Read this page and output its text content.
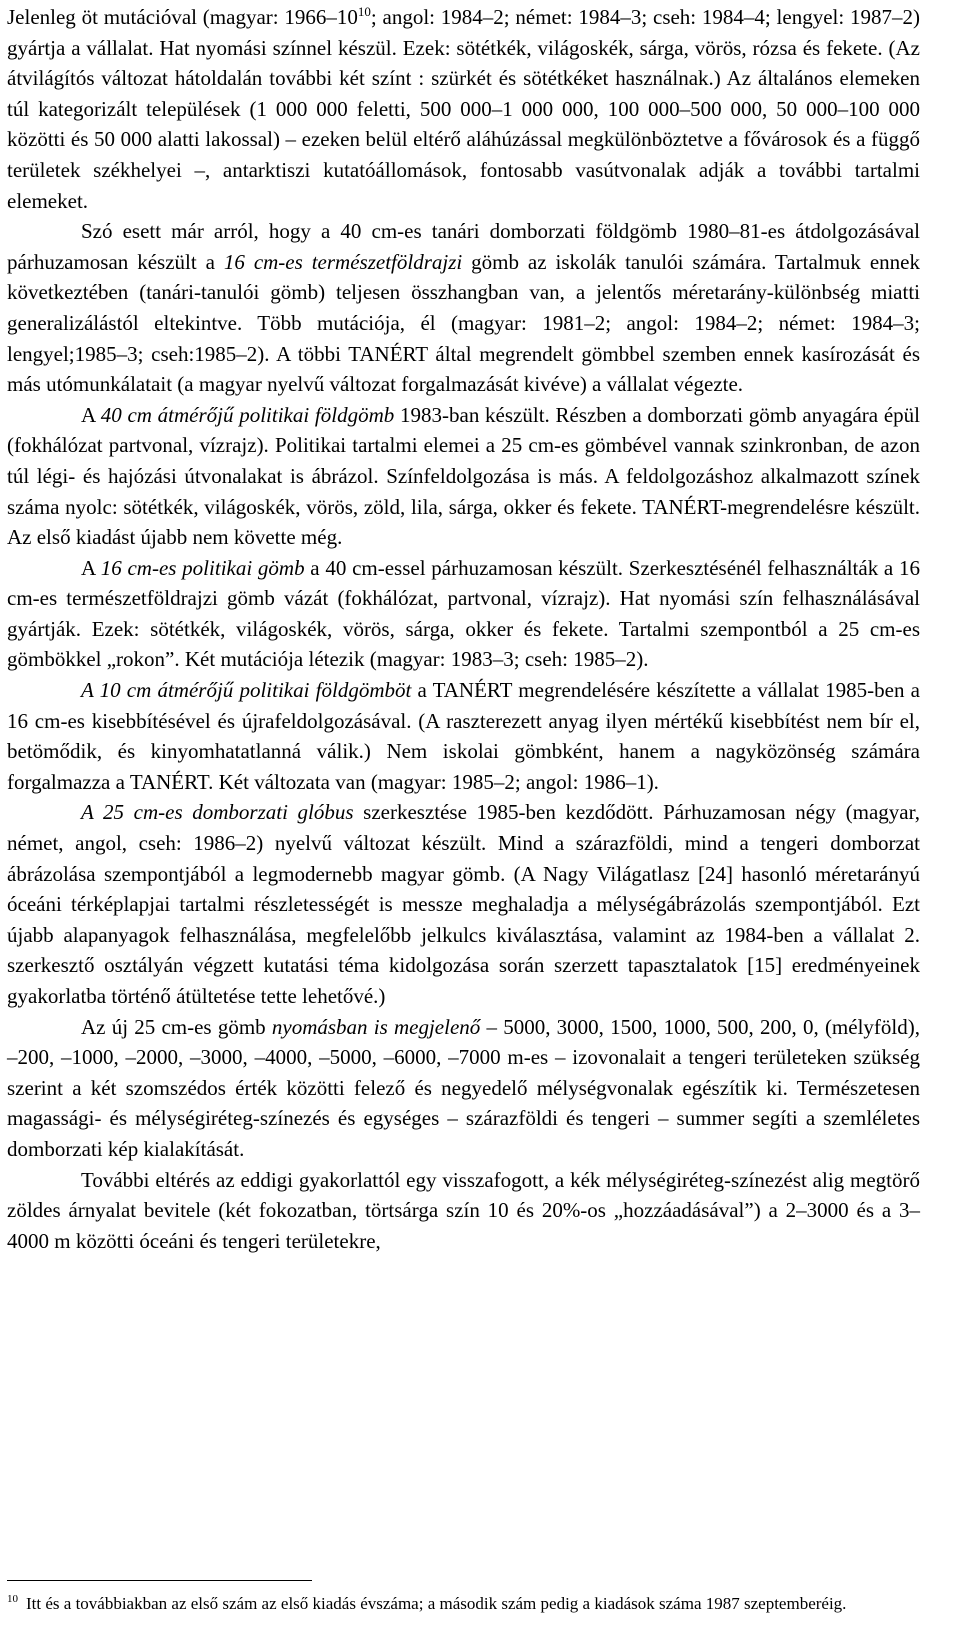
Jelenleg öt mutációval (magyar: 1966–10$^{10}$; angol: 1984–2; német: 1984–3; cseh: 1984–4; lengyel: 1987–2) gyártja a vállalat. Hat nyomási színnel készül. Ezek: sötétkék, világoskék, sárga, vörös, rózsa és fekete. (Az átvilágítós változat hátoldalán további két színt : szürkét és sötétkéket használnak.) Az általános elemeken túl kategorizált települések (1 000 000 feletti, 500 000–1 000 000, 100 000–500 000, 50 000–100 000 közötti és 50 000 alatti lakossal) – ezeken belül eltérő aláhúzással megkülönböztetve a fővárosok és a függő területek székhelyei –, antarktiszi kutatóállomások, fontosabb vasútvonalak adják a további tartalmi elemeket.

Szó esett már arról, hogy a 40 cm-es tanári domborzati földgömb 1980–81-es átdolgozásával párhuzamosan készült a 16 cm-es természetföldrajzi gömb az iskolák tanulói számára. Tartalmuk ennek következtében (tanári-tanulói gömb) teljesen összhangban van, a jelentős méretarány-különbség miatti generalizálástól eltekintve. Több mutációja, él (magyar: 1981–2; angol: 1984–2; német: 1984–3; lengyel;1985–3; cseh:1985–2). A többi TANÉRT által megrendelt gömbbel szemben ennek kasírozását és más utómunkálatait (a magyar nyelvű változat forgalmazását kivéve) a vállalat végezte.

A 40 cm átmérőjű politikai földgömb 1983-ban készült. Részben a domborzati gömb anyagára épül (fokhálózat partvonal, vízrajz). Politikai tartalmi elemei a 25 cm-es gömbével vannak szinkronban, de azon túl légi- és hajózási útvonalakat is ábrázol. Színfeldolgozása is más. A feldolgozáshoz alkalmazott színek száma nyolc: sötétkék, világoskék, vörös, zöld, lila, sárga, okker és fekete. TANÉRT-megrendelésre készült. Az első kiadást újabb nem követte még.

A 16 cm-es politikai gömb a 40 cm-essel párhuzamosan készült. Szerkesztésénél felhasználták a 16 cm-es természetföldrajzi gömb vázát (fokhálózat, partvonal, vízrajz). Hat nyomási szín felhasználásával gyártják. Ezek: sötétkék, világoskék, vörös, sárga, okker és fekete. Tartalmi szempontból a 25 cm-es gömbökkel „rokon”. Két mutációja létezik (magyar: 1983–3; cseh: 1985–2).

A 10 cm átmérőjű politikai földgömböt a TANÉRT megrendelésére készítette a vállalat 1985-ben a 16 cm-es kisebbítésével és újrafeldolgozásával. (A raszterezett anyag ilyen mértékű kisebbítést nem bír el, betömődik, és kinyomhatatlanná válik.) Nem iskolai gömbként, hanem a nagyközönség számára forgalmazza a TANÉRT. Két változata van (magyar: 1985–2; angol: 1986–1).

A 25 cm-es domborzati glóbus szerkesztése 1985-ben kezdődött. Párhuzamosan négy (magyar, német, angol, cseh: 1986–2) nyelvű változat készült. Mind a szárazföldi, mind a tengeri domborzat ábrázolása szempontjából a legmodernebb magyar gömb. (A Nagy Világatlasz [24] hasonló méretarányú óceáni térképlapjai tartalmi részletességét is messze meghaladja a mélységábrázolás szempontjából. Ezt újabb alapanyagok felhasználása, megfelelőbb jelkulcs kiválasztása, valamint az 1984-ben a vállalat 2. szerkesztő osztályán végzett kutatási téma kidolgozása során szerzett tapasztalatok [15] eredményeinek gyakorlatba történő átültetése tette lehetővé.)

Az új 25 cm-es gömb nyomásban is megjelenő – 5000, 3000, 1500, 1000, 500, 200, 0, (mélyföld), –200, –1000, –2000, –3000, –4000, –5000, –6000, –7000 m-es – izovonalait a tengeri területeken szükség szerint a két szomszédos érték közötti felező és negyedelő mélységvonalak egészítik ki. Természetesen magassági- és mélységiréteg-színezés és egységes – szárazföldi és tengeri – summer segíti a szemléletes domborzati kép kialakítását.

További eltérés az eddigi gyakorlattól egy visszafogott, a kék mélységiréteg-színezést alig megtörő zöldes árnyalat bevitele (két fokozatban, törtsárga szín 10 és 20%-os „hozzáadásával”) a 2–3000 és a 3–4000 m közötti óceáni és tengeri területekre,

$^{10}$ Itt és a továbbiakban az első szám az első kiadás évszáma; a második szám pedig a kiadások száma 1987 szeptemberéig.
